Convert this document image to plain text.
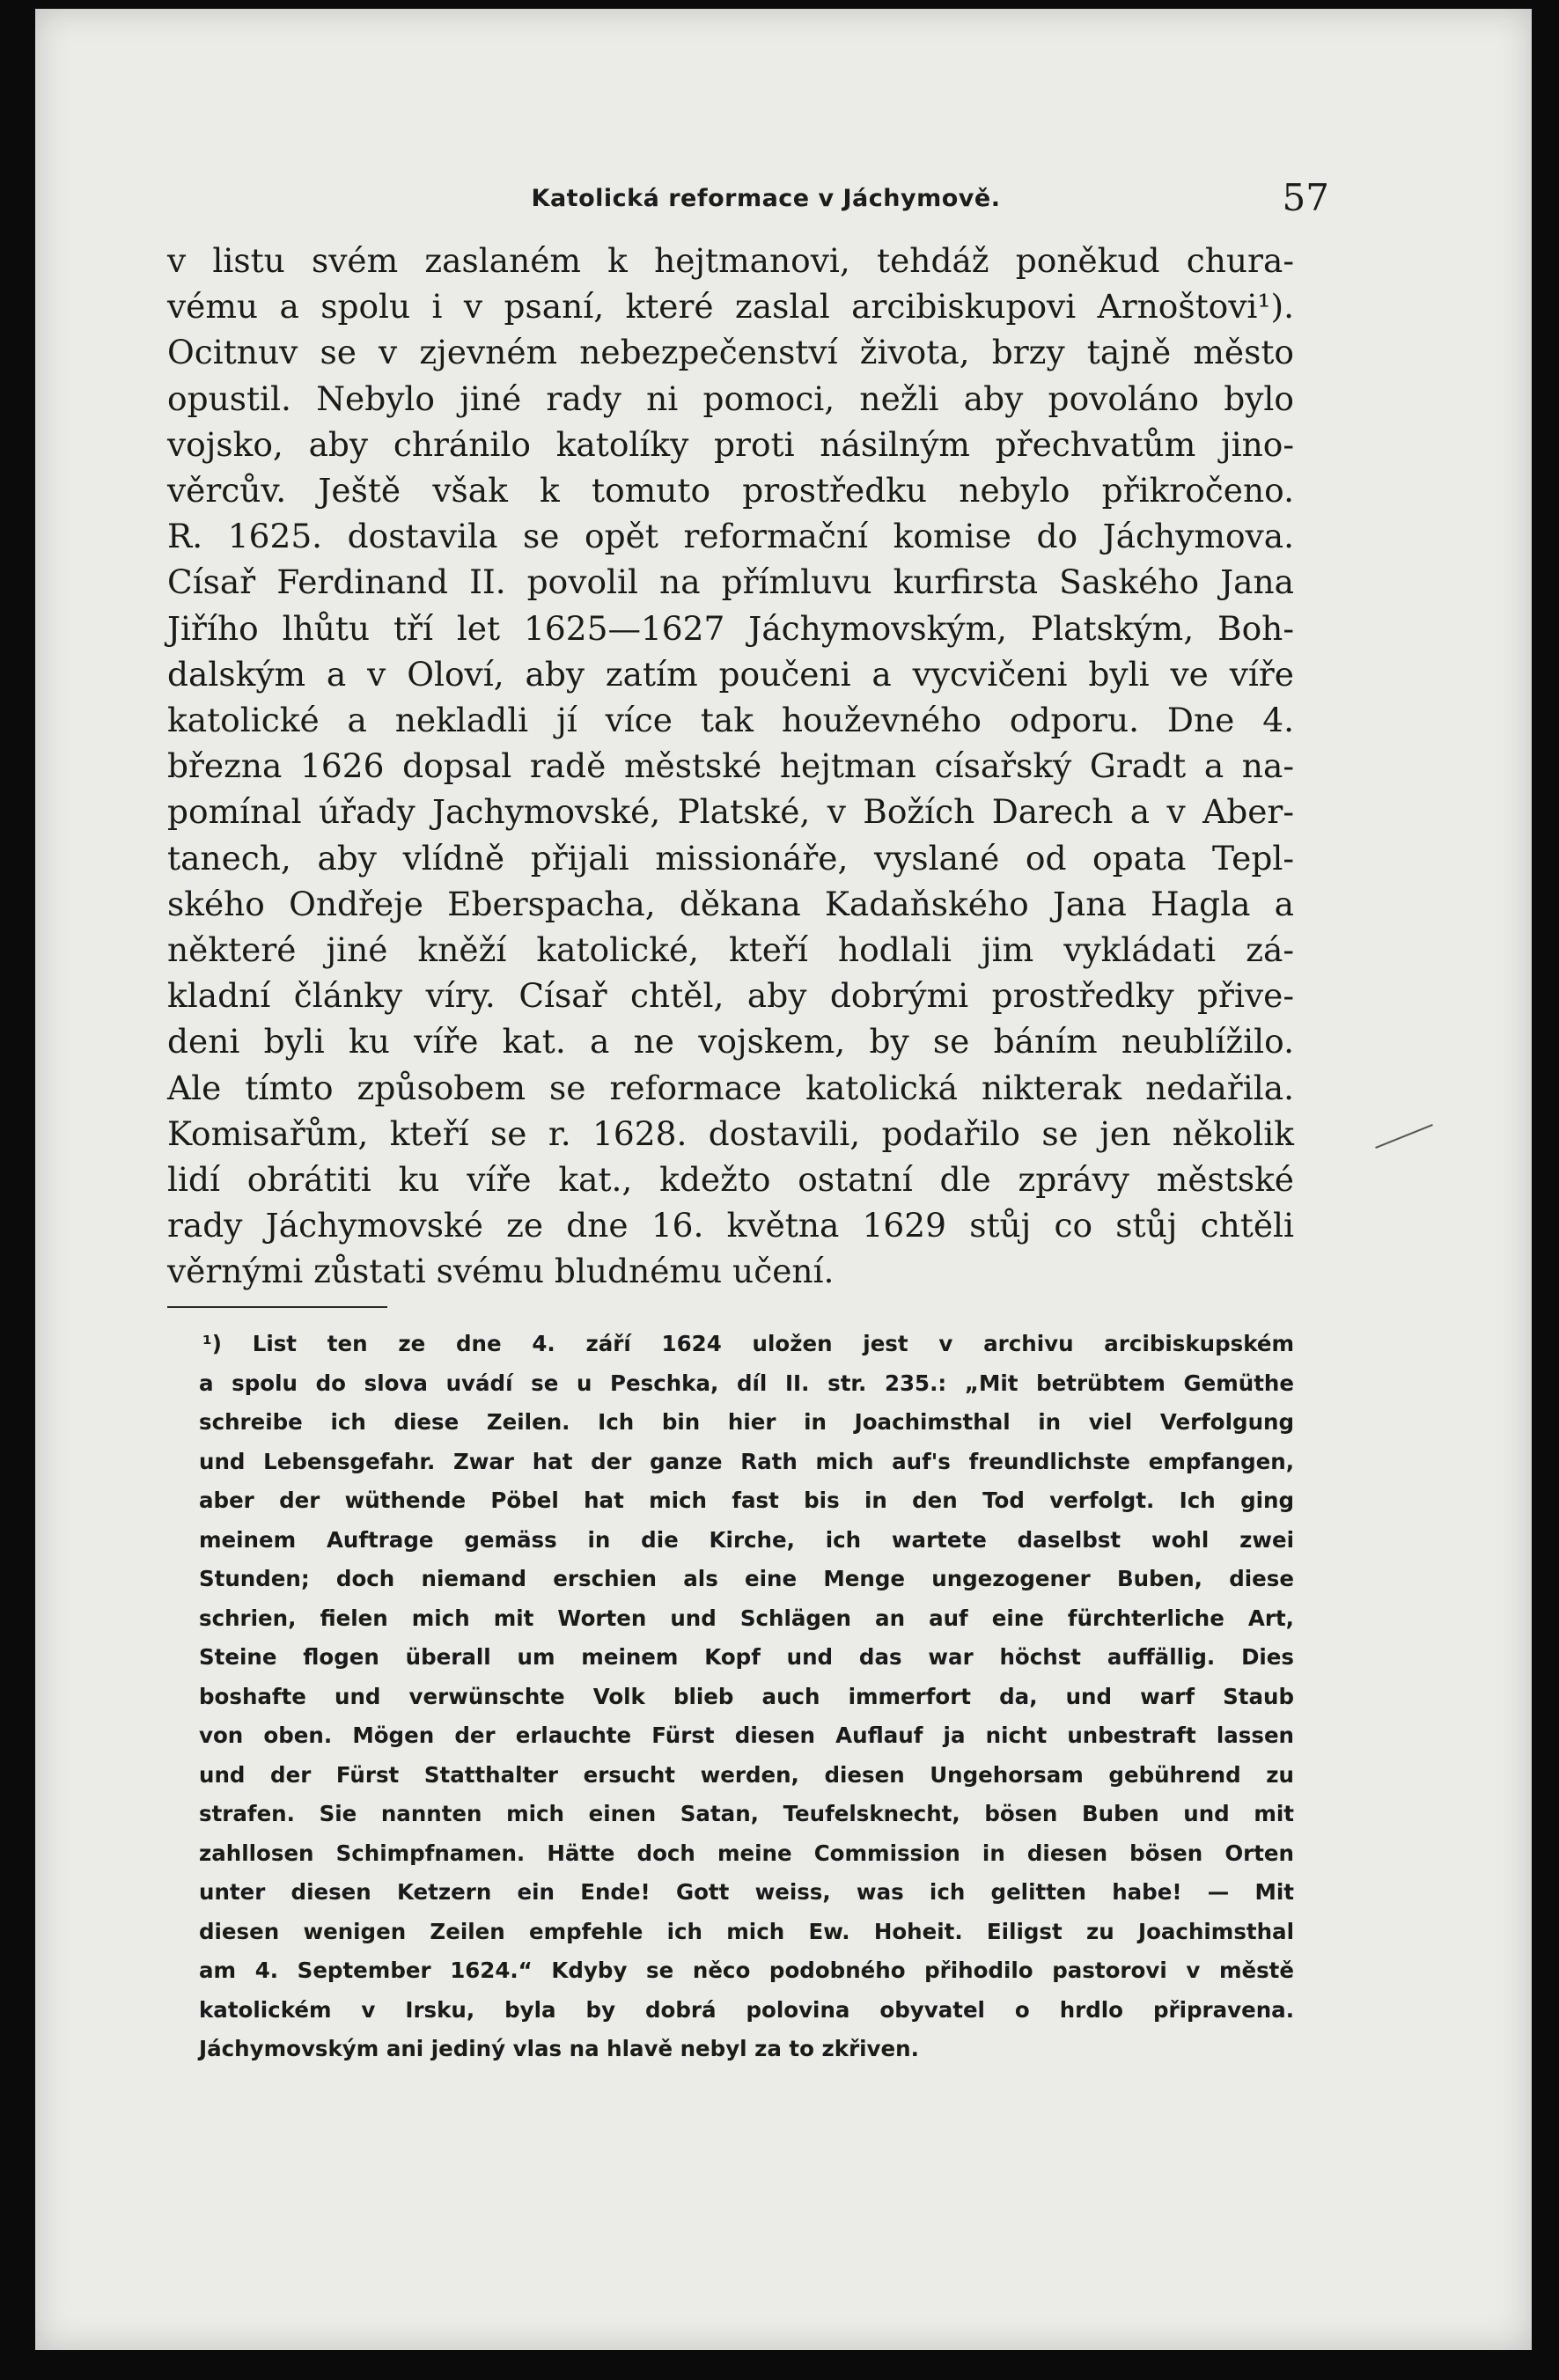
Katolická reformace v Jáchymově.	57
v listu svém zaslaném k hejtmanovi, tehdáž poněkud chura-
vému a spolu i v psaní, které zaslal arcibiskupovi Arnoštovi¹).
Ocitnuv se v zjevném nebezpečenství života, brzy tajně město
opustil. Nebylo jiné rady ni pomoci, nežli aby povoláno bylo
vojsko, aby chránilo katolíky proti násilným přechvatům jino-
věrcův. Ještě však k tomuto prostředku nebylo přikročeno.
R. 1625. dostavila se opět reformační komise do Jáchymova.
Císař Ferdinand II. povolil na přímluvu kurfirsta Saského Jana
Jiřího lhůtu tří let 1625—1627 Jáchymovským, Platským, Boh-
dalským a v Oloví, aby zatím poučeni a vycvičeni byli ve víře
katolické a nekladli jí více tak houževného odporu. Dne 4.
března 1626 dopsal radě městské hejtman císařský Gradt a na-
pomínal úřady Jachymovské, Platské, v Božích Darech a v Aber-
tanech, aby vlídně přijali missionáře, vyslané od opata Tepl-
ského Ondřeje Eberspacha, děkana Kadaňského Jana Hagla a
některé jiné kněží katolické, kteří hodlali jim vykládati zá-
kladní články víry. Císař chtěl, aby dobrými prostředky přive-
deni byli ku víře kat. a ne vojskem, by se báním neublížilo.
Ale tímto způsobem se reformace katolická nikterak nedařila.
Komisařům, kteří se r. 1628. dostavili, podařilo se jen několik
lidí obrátiti ku víře kat., kdežto ostatní dle zprávy městské
rady Jáchymovské ze dne 16. května 1629 stůj co stůj chtěli
věrnými zůstati svému bludnému učení.
¹) List ten ze dne 4. září 1624 uložen jest v archivu arcibiskupském
a spolu do slova uvádí se u Peschka, díl II. str. 235.: „Mit betrübtem Gemüthe
schreibe ich diese Zeilen. Ich bin hier in Joachimsthal in viel Verfolgung
und Lebensgefahr. Zwar hat der ganze Rath mich auf's freundlichste empfangen,
aber der wüthende Pöbel hat mich fast bis in den Tod verfolgt. Ich ging
meinem Auftrage gemäss in die Kirche, ich wartete daselbst wohl zwei
Stunden; doch niemand erschien als eine Menge ungezogener Buben, diese
schrien, fielen mich mit Worten und Schlägen an auf eine fürchterliche Art,
Steine flogen überall um meinem Kopf und das war höchst auffällig. Dies
boshafte und verwünschte Volk blieb auch immerfort da, und warf Staub
von oben. Mögen der erlauchte Fürst diesen Auflauf ja nicht unbestraft lassen
und der Fürst Statthalter ersucht werden, diesen Ungehorsam gebührend zu
strafen. Sie nannten mich einen Satan, Teufelsknecht, bösen Buben und mit
zahllosen Schimpfnamen. Hätte doch meine Commission in diesen bösen Orten
unter diesen Ketzern ein Ende! Gott weiss, was ich gelitten habe! — Mit
diesen wenigen Zeilen empfehle ich mich Ew. Hoheit. Eiligst zu Joachimsthal
am 4. September 1624.“ Kdyby se něco podobného přihodilo pastorovi v městě
katolickém v Irsku, byla by dobrá polovina obyvatel o hrdlo připravena.
Jáchymovským ani jediný vlas na hlavě nebyl za to zkřiven.
